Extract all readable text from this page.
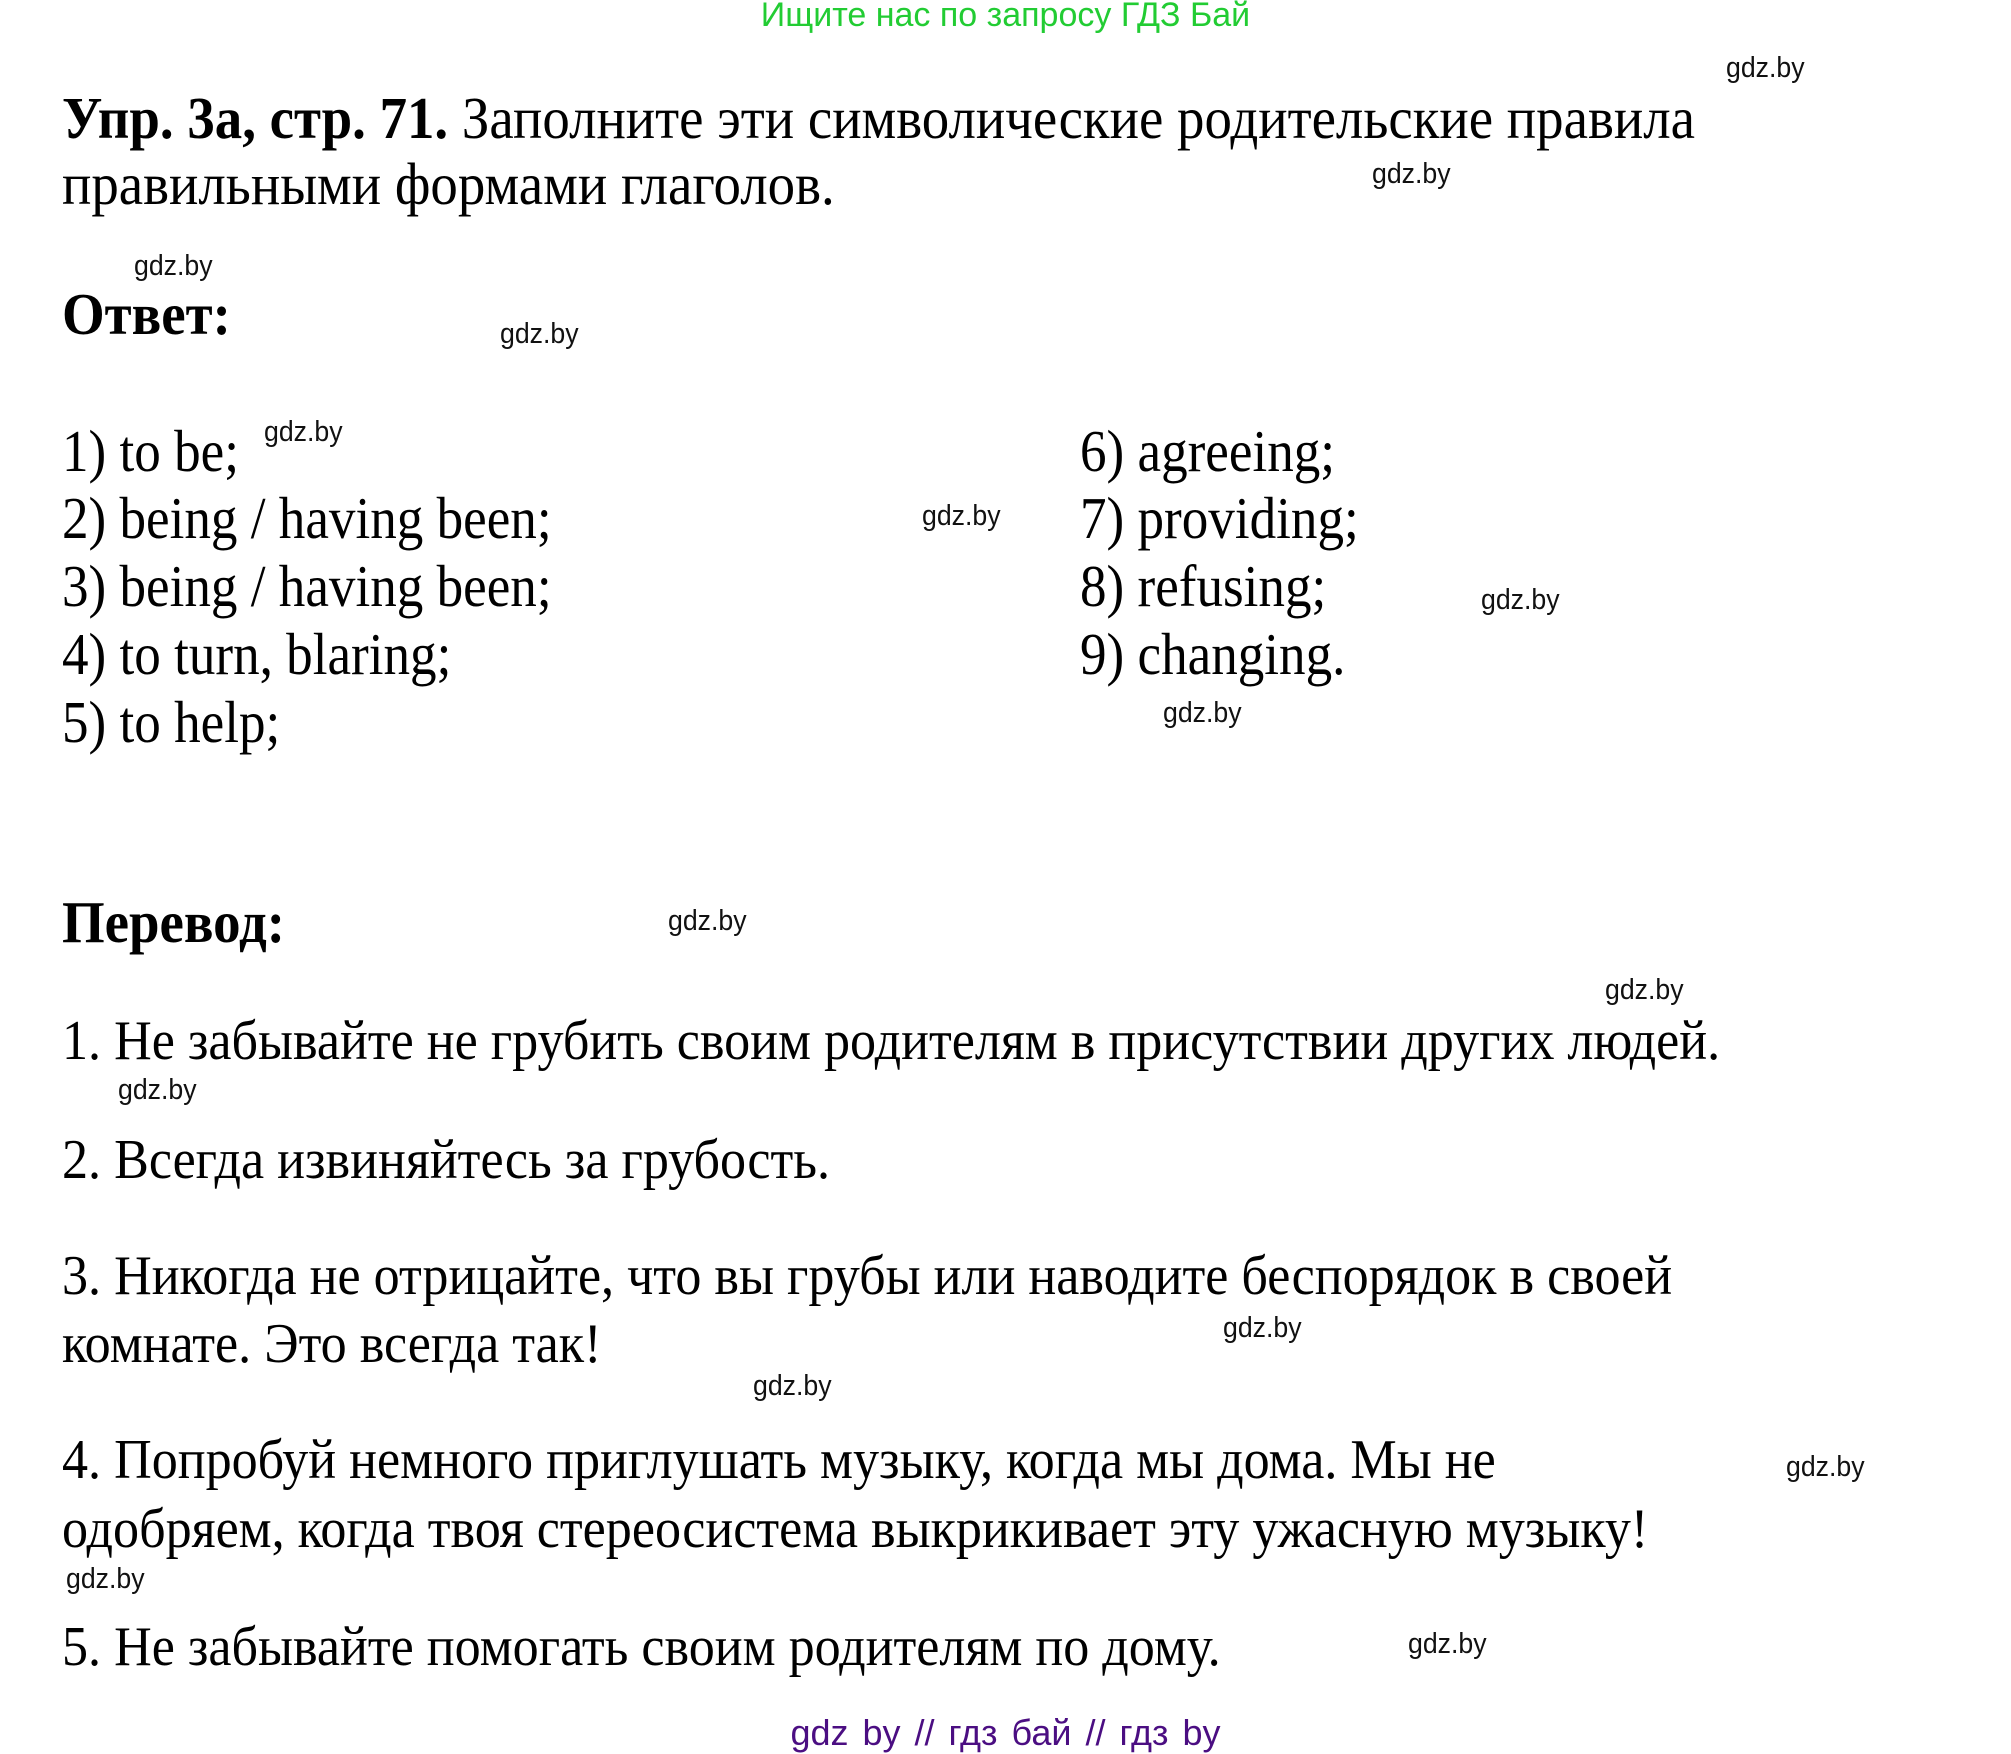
Ищите нас по запросу ГДЗ Бай
Упр. 3а, стр. 71. Заполните эти символические родительские правила
правильными формами глаголов.
Ответ:
1) to be;
2) being / having been;
3) being / having been;
4) to turn, blaring;
5) to help;
6) agreeing;
7) providing;
8) refusing;
9) changing.
Перевод:
1. Не забывайте не грубить своим родителям в присутствии других людей.
2. Всегда извиняйтесь за грубость.
3. Никогда не отрицайте, что вы грубы или наводите беспорядок в своей
комнате. Это всегда так!
4. Попробуй немного приглушать музыку, когда мы дома. Мы не
одобряем, когда твоя стереосистема выкрикивает эту ужасную музыку!
5. Не забывайте помогать своим родителям по дому.
gdz.by
gdz.by
gdz.by
gdz.by
gdz.by
gdz.by
gdz.by
gdz.by
gdz.by
gdz.by
gdz.by
gdz.by
gdz.by
gdz.by
gdz.by
gdz.by
gdz by // гдз бай // гдз by
